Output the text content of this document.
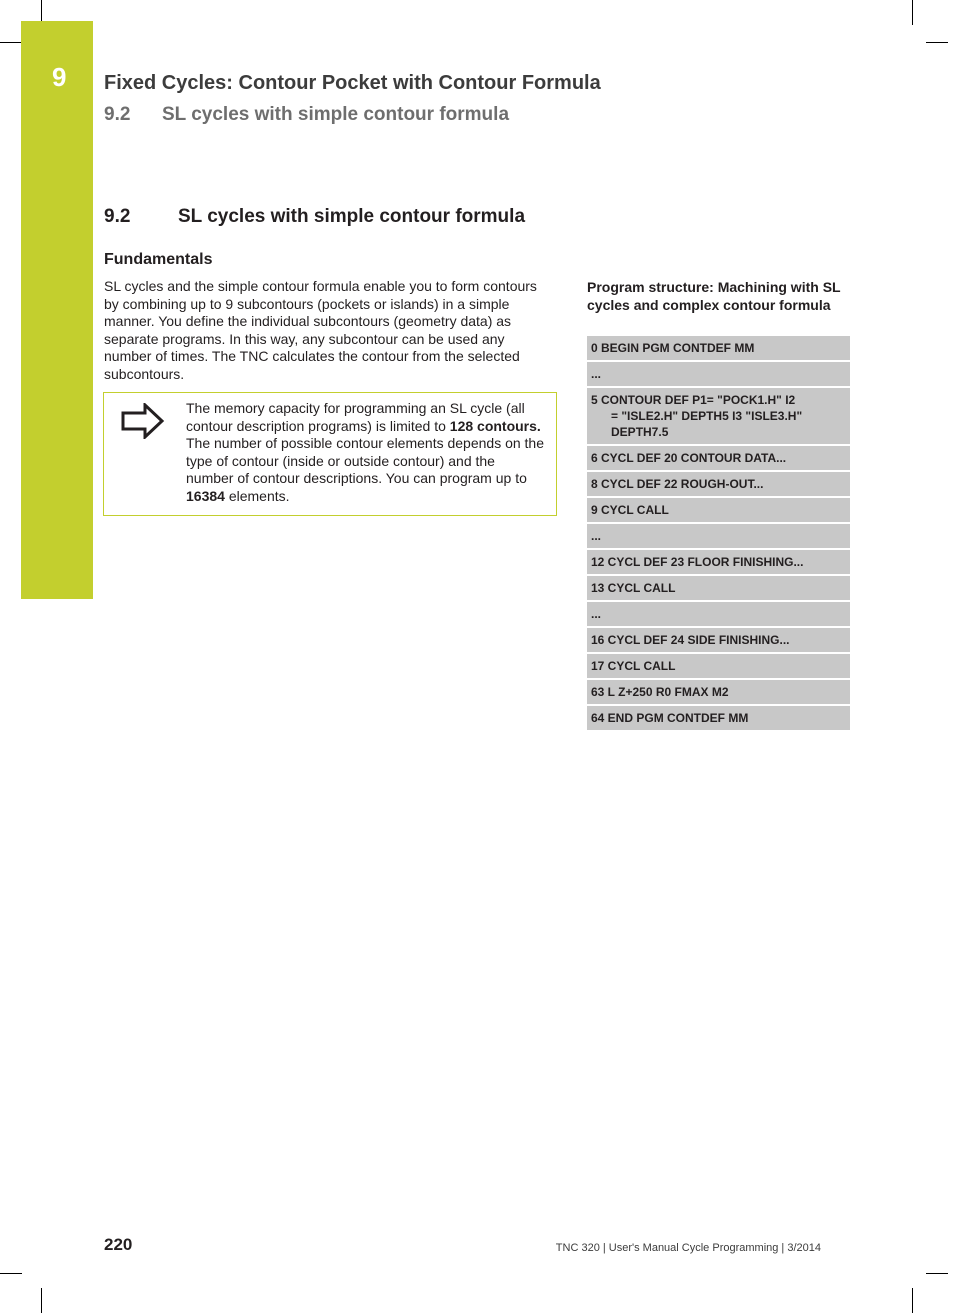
9 Fixed Cycles: Contour Pocket with Contour Formula
9.2 SL cycles with simple contour formula
9.2	SL cycles with simple contour formula
Fundamentals

SL cycles and the simple contour formula enable you to form contours by combining up to 9 subcontours (pockets or islands) in a simple manner. You define the individual subcontours (geometry data) as separate programs. In this way, any subcontour can be used any number of times. The TNC calculates the contour from the selected subcontours.

The memory capacity for programming an SL cycle (all contour description programs) is limited to 128 contours. The number of possible contour elements depends on the type of contour (inside or outside contour) and the number of contour descriptions. You can program up to 16384 elements.

Program structure: Machining with SL cycles and complex contour formula
0 BEGIN PGM CONTDEF MM
...
5 CONTOUR DEF P1= "POCK1.H" I2
= "ISLE2.H" DEPTH5 I3 "ISLE3.H"
DEPTH7.5
6 CYCL DEF 20 CONTOUR DATA...
8 CYCL DEF 22 ROUGH-OUT...
9 CYCL CALL
...
12 CYCL DEF 23 FLOOR FINISHING...
13 CYCL CALL
...
16 CYCL DEF 24 SIDE FINISHING...
17 CYCL CALL
63 L Z+250 R0 FMAX M2
64 END PGM CONTDEF MM
220	TNC 320 | User's Manual Cycle Programming | 3/2014
